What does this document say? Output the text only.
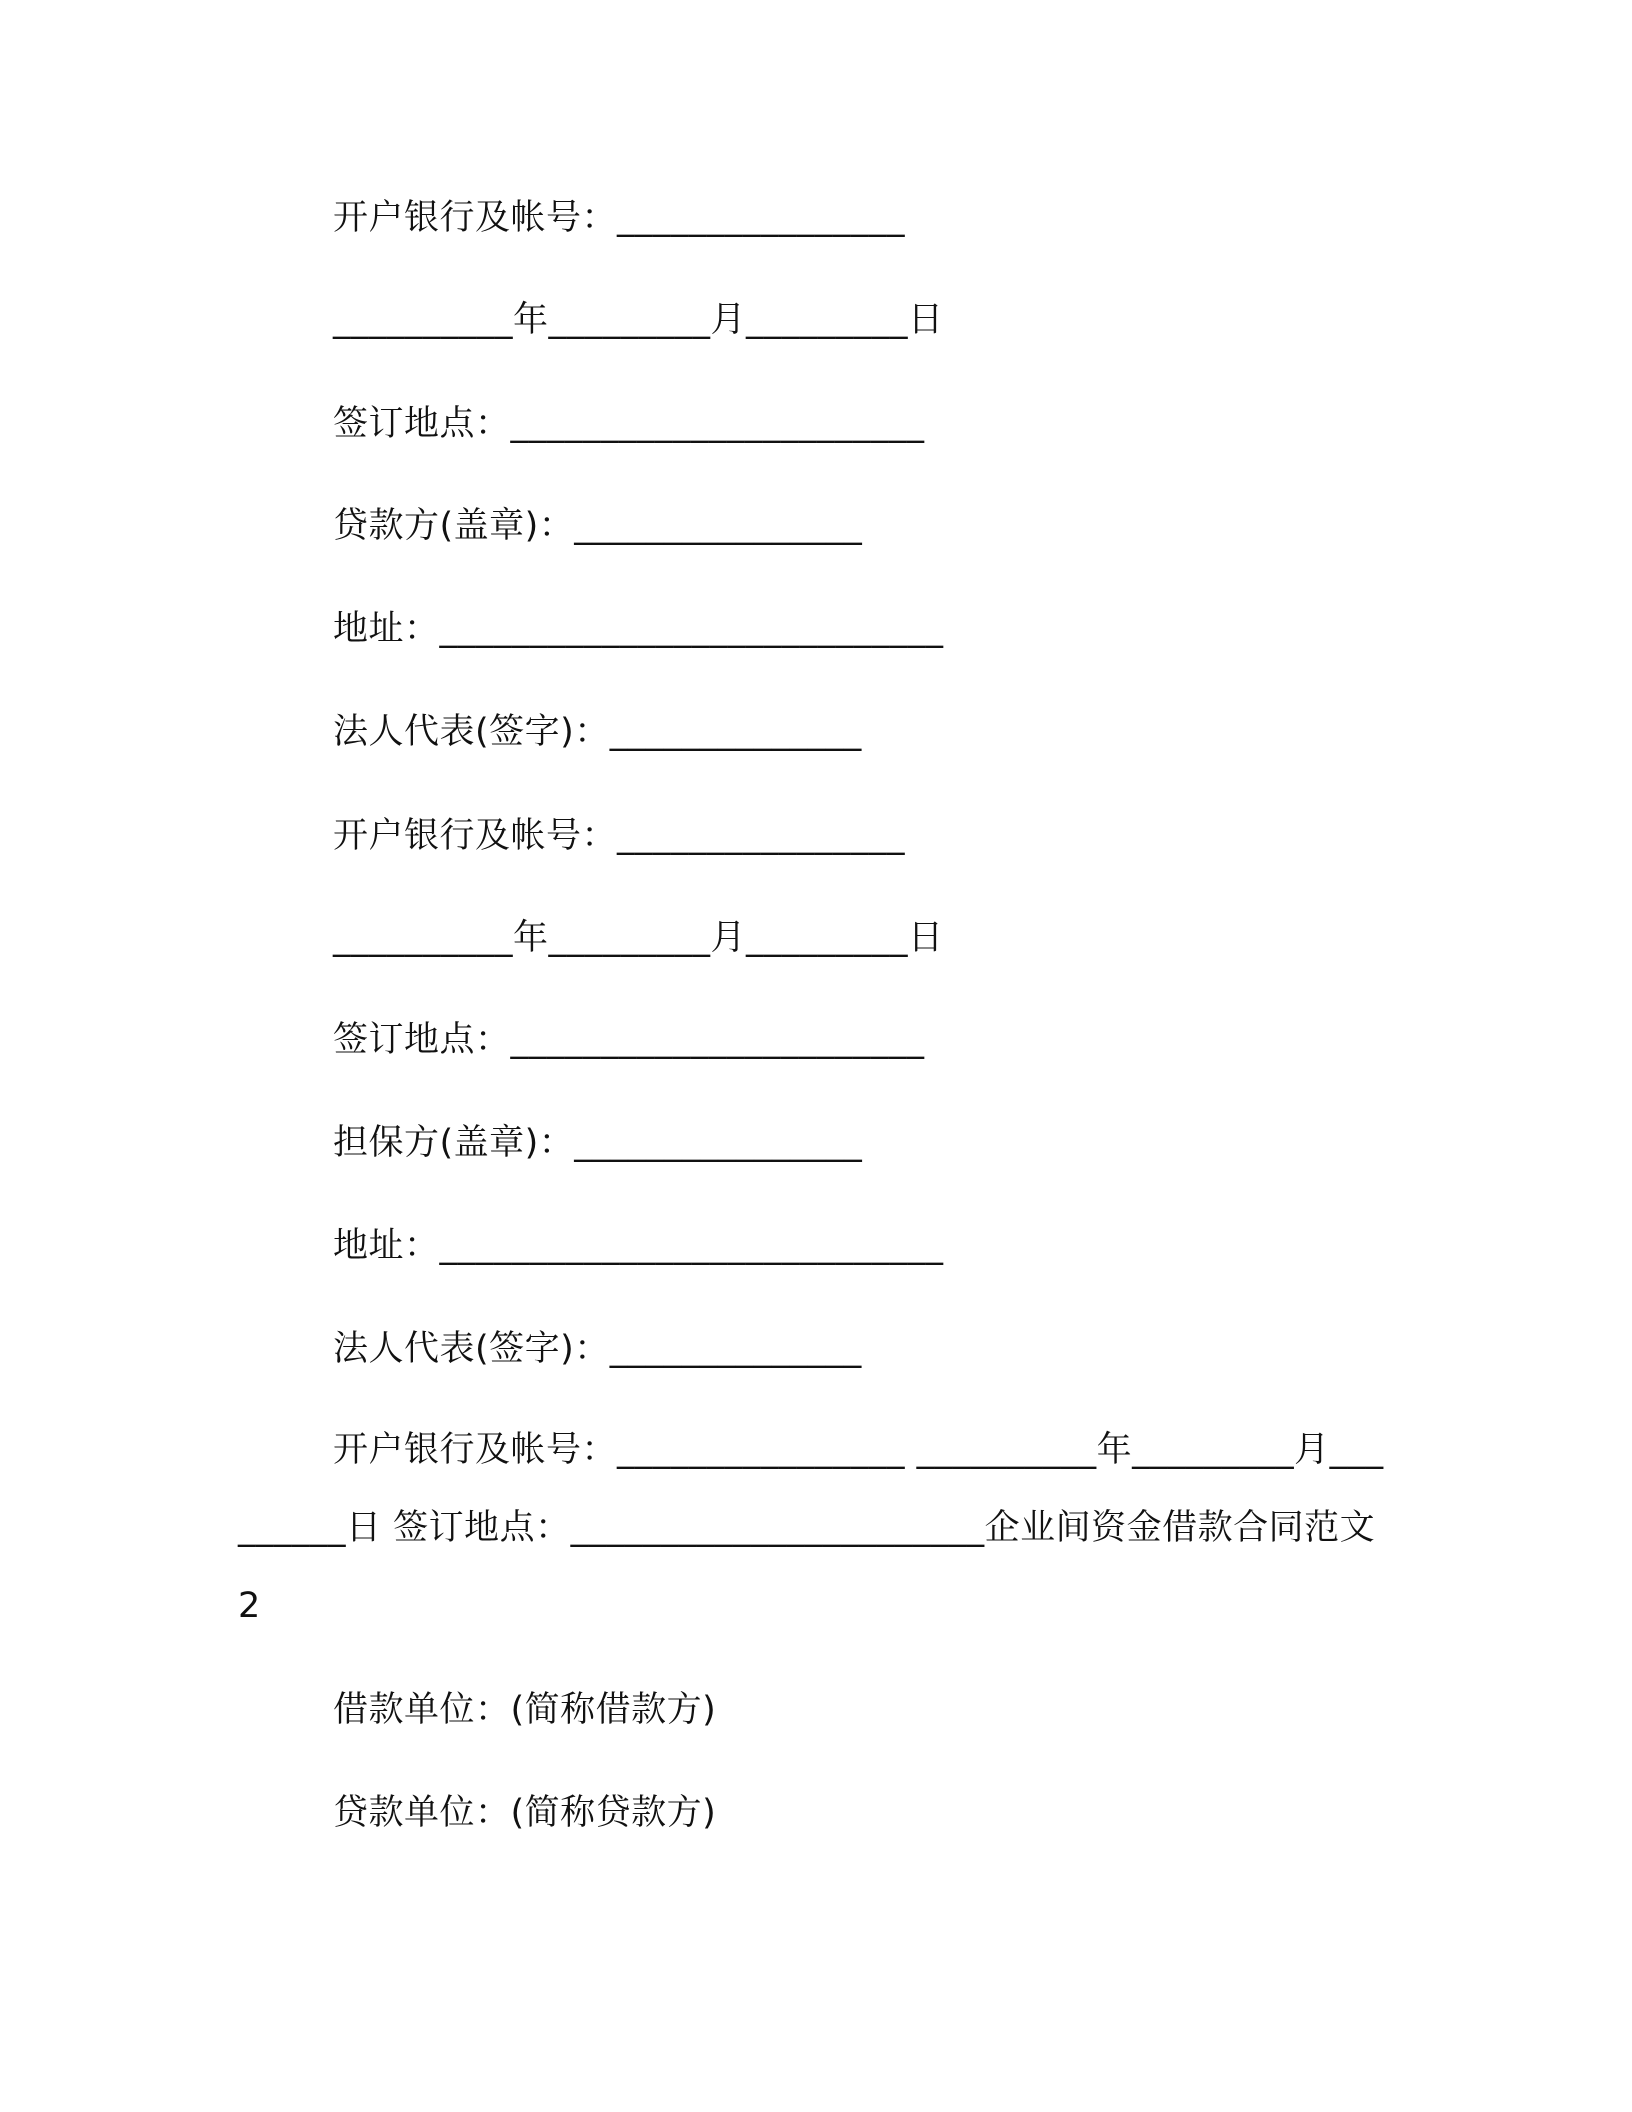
开户银行及帐号：________________
__________年_________月_________日
签订地点：_______________________
贷款方(盖章)：________________
地址：____________________________
法人代表(签字)：______________
开户银行及帐号：________________
__________年_________月_________日
签订地点：_______________________
担保方(盖章)：________________
地址：____________________________
法人代表(签字)：______________
开户银行及帐号：________________ __________年_________月_________日 签订地点：_______________________企业间资金借款合同范文 2
借款单位：(简称借款方)
贷款单位：(简称贷款方)
